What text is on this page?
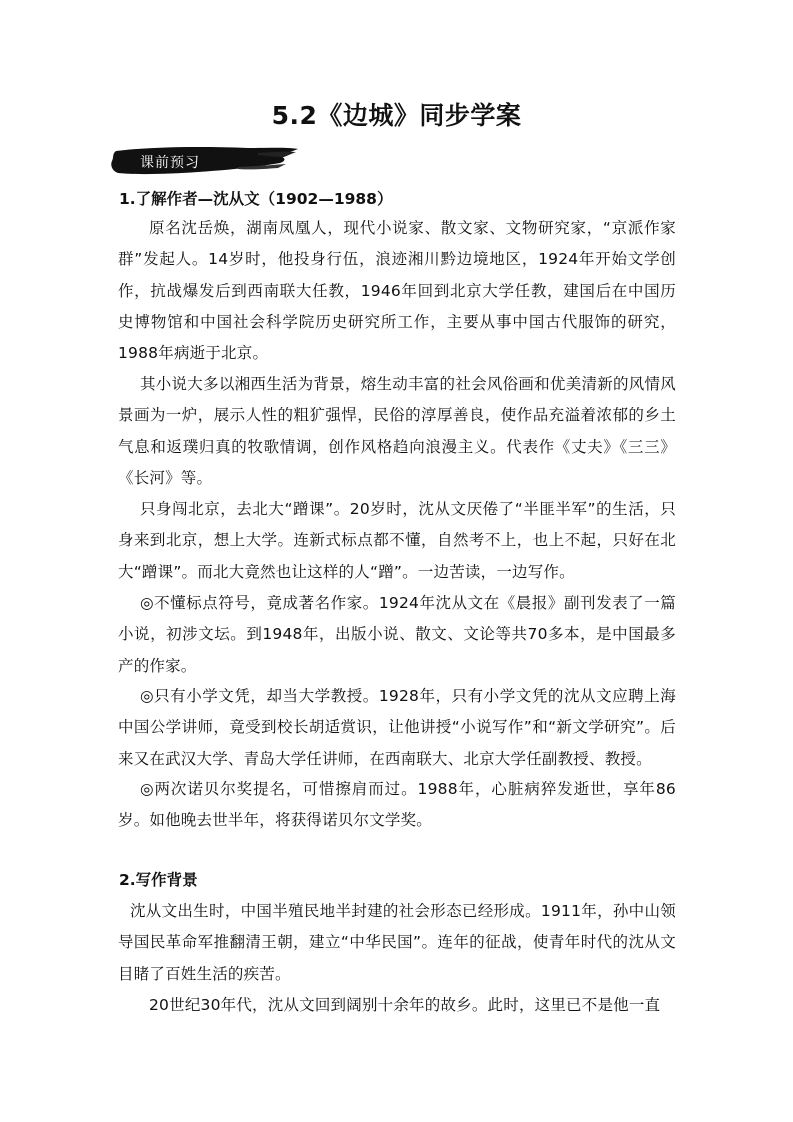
5.2《边城》同步学案
课前预习
1.了解作者—沈从文（1902—1988）
原名沈岳焕，湖南凤凰人，现代小说家、散文家、文物研究家，“京派作家群”发起人。14岁时，他投身行伍，浪迹湘川黔边境地区，1924年开始文学创作，抗战爆发后到西南联大任教，1946年回到北京大学任教，建国后在中国历史博物馆和中国社会科学院历史研究所工作，主要从事中国古代服饰的研究，1988年病逝于北京。
其小说大多以湘西生活为背景，熔生动丰富的社会风俗画和优美清新的风情风景画为一炉，展示人性的粗犷强悍，民俗的淳厚善良，使作品充溢着浓郁的乡土气息和返璞归真的牧歌情调，创作风格趋向浪漫主义。代表作《丈夫》《三三》《长河》等。
只身闯北京，去北大“蹭课”。20岁时，沈从文厌倦了“半匪半军”的生活，只身来到北京，想上大学。连新式标点都不懂，自然考不上，也上不起，只好在北大“蹭课”。而北大竟然也让这样的人“蹭”。一边苦读，一边写作。
◎不懂标点符号，竟成著名作家。1924年沈从文在《晨报》副刊发表了一篇小说，初涉文坛。到1948年，出版小说、散文、文论等共70多本，是中国最多产的作家。
◎只有小学文凭，却当大学教授。1928年，只有小学文凭的沈从文应聘上海中国公学讲师，竟受到校长胡适赏识，让他讲授“小说写作”和“新文学研究”。后来又在武汉大学、青岛大学任讲师，在西南联大、北京大学任副教授、教授。
◎两次诺贝尔奖提名，可惜擦肩而过。1988年，心脏病猝发逝世，享年86岁。如他晚去世半年，将获得诺贝尔文学奖。
2.写作背景
沈从文出生时，中国半殖民地半封建的社会形态已经形成。1911年，孙中山领导国民革命军推翻清王朝，建立“中华民国”。连年的征战，使青年时代的沈从文目睹了百姓生活的疾苦。
20世纪30年代，沈从文回到阔别十余年的故乡。此时，这里已不是他一直
